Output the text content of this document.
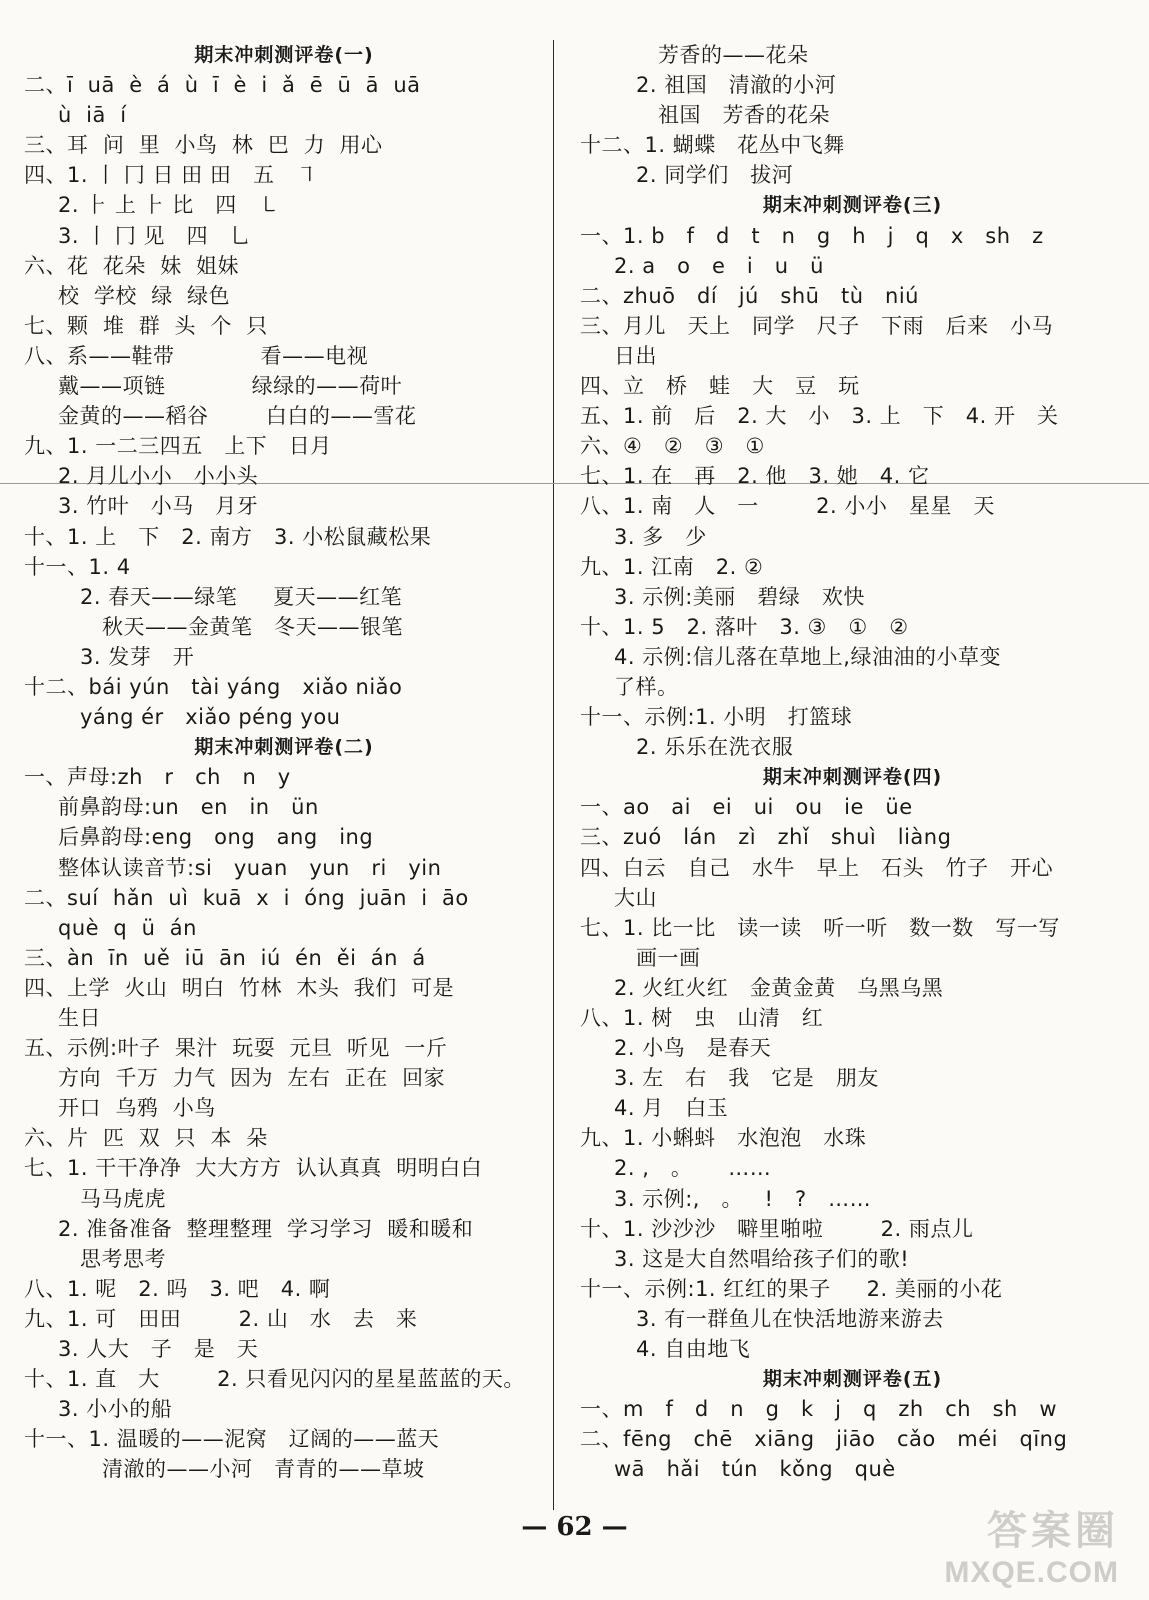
期末冲刺测评卷(一)
二、ī  uā  è  á  ù  ī  è  i  ǎ  ē  ū  ā  uā
ù  iā  í
三、耳  问  里  小鸟  林  巴  力  用心
四、1. 丨 冂 日 田 田   五   ㇕
2. ⺊ 上 ⺊ 比   四   ㇄
3. 丨 冂 见   四   乚
六、花  花朵  妹  姐妹
校  学校  绿  绿色
七、颗  堆  群  头  个  只
八、系——鞋带            看——电视
戴——项链            绿绿的——荷叶
金黄的——稻谷        白白的——雪花
九、1. 一二三四五   上下   日月
2. 月儿小小   小小头
3. 竹叶   小马   月牙
十、1. 上   下   2. 南方   3. 小松鼠藏松果
十一、1. 4
2. 春天——绿笔     夏天——红笔
秋天——金黄笔   冬天——银笔
3. 发芽   开
十二、bái yún   tài yáng   xiǎo niǎo
yáng ér   xiǎo péng you
期末冲刺测评卷(二)
一、声母:zh   r   ch   n   y
前鼻韵母:un   en   in   ün
后鼻韵母:eng   ong   ang   ing
整体认读音节:si   yuan   yun   ri   yin
二、suí  hǎn  uì  kuā  x  i  óng  juān  i  āo
què  q  ü  án
三、àn  īn  uě  iū  ān  iú  én  ěi  án  á
四、上学  火山  明白  竹林  木头  我们  可是
生日
五、示例:叶子  果汁  玩耍  元旦  听见  一斤
方向  千万  力气  因为  左右  正在  回家
开口  乌鸦  小鸟
六、片  匹  双  只  本  朵
七、1. 干干净净  大大方方  认认真真  明明白白
马马虎虎
2. 准备准备  整理整理  学习学习  暖和暖和
思考思考
八、1. 呢   2. 吗   3. 吧   4. 啊
九、1. 可   田田        2. 山   水   去   来
3. 人大   子   是   天
十、1. 直   大        2. 只看见闪闪的星星蓝蓝的天。
3. 小小的船
十一、1. 温暖的——泥窝   辽阔的——蓝天
清澈的——小河   青青的——草坡
芳香的——花朵
2. 祖国   清澈的小河
祖国   芳香的花朵
十二、1. 蝴蝶   花丛中飞舞
2. 同学们   拔河
期末冲刺测评卷(三)
一、1. b   f   d   t   n   g   h   j   q   x   sh   z
2. a   o   e   i   u   ü
二、zhuō   dí   jú   shū   tù   niú
三、月儿   天上   同学   尺子   下雨   后来   小马
日出
四、立   桥   蛙   大   豆   玩
五、1. 前   后   2. 大   小   3. 上   下   4. 开   关
六、④   ②   ③   ①
七、1. 在   再   2. 他   3. 她   4. 它
八、1. 南   人   一        2. 小小   星星   天
3. 多   少
九、1. 江南   2. ②
3. 示例:美丽   碧绿   欢快
十、1. 5   2. 落叶   3. ③   ①   ②
4. 示例:信儿落在草地上,绿油油的小草变
了样。
十一、示例:1. 小明   打篮球
2. 乐乐在洗衣服
期末冲刺测评卷(四)
一、ao   ai   ei   ui   ou   ie   üe
三、zuó   lán   zì   zhǐ   shuì   liàng
四、白云   自己   水牛   早上   石头   竹子   开心
大山
七、1. 比一比   读一读   听一听   数一数   写一写
画一画
2. 火红火红   金黄金黄   乌黑乌黑
八、1. 树   虫   山清   红
2. 小鸟   是春天
3. 左   右   我   它是   朋友
4. 月   白玉
九、1. 小蝌蚪   水泡泡   水珠
2. ,   。     ……
3. 示例:,   。   !   ?   ……
十、1. 沙沙沙   噼里啪啦        2. 雨点儿
3. 这是大自然唱给孩子们的歌!
十一、示例:1. 红红的果子     2. 美丽的小花
3. 有一群鱼儿在快活地游来游去
4. 自由地飞
期末冲刺测评卷(五)
一、m   f   d   n   g   k   j   q   zh   ch   sh   w
二、fēng   chē   xiāng   jiāo   cǎo   méi   qīng
wā   hǎi   tún   kǒng   què
— 62 —	答案圈
MXQE.COM
